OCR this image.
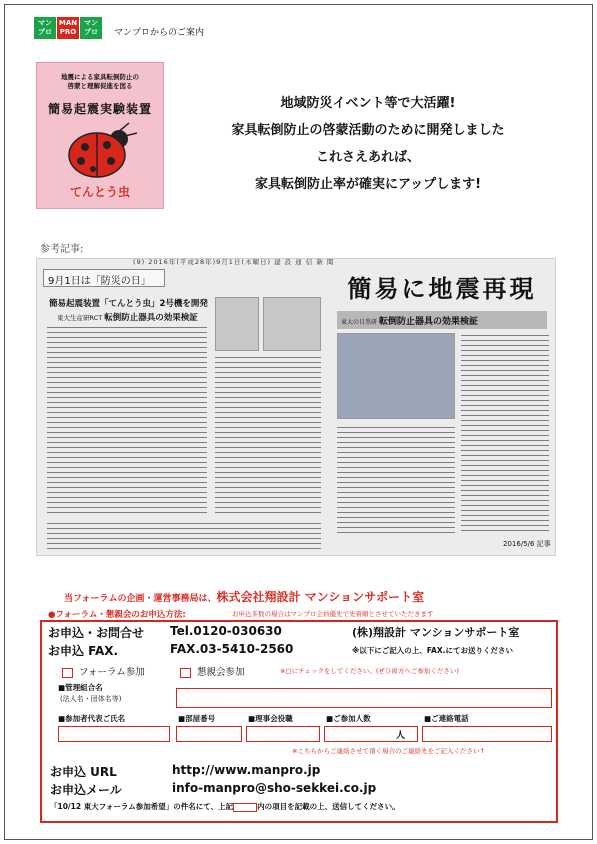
マン
プロ
MAN
PRO
マン
プロ マンプロからのご案内
地震による家具転倒防止の
啓蒙と理解促進を図る
簡易起震実験装置
てんとう虫
地域防災イベント等で大活躍!
家具転倒防止の啓蒙活動のために開発しました
これさえあれば、
家具転倒防止率が確実にアップします!
参考記事:
(9) 2016年(平成28年)9月1日(木曜日) 建 設 通 信 新 聞
9月1日は「防災の日」
簡易起震装置「てんとう虫」2号機を開発
東大生産研RCT 転倒防止器具の効果検証
簡易に地震再現
東大の目黒研 転倒防止器具の効果検証
2016/5/6 記事
当フォーラムの企画・運営事務局は、株式会社翔設計 マンションサポート室
●フォーラム・懇親会のお申込方法:	お申込多数の場合はマンプロ会員優先で先着順とさせていただきます
お申込・お問合せ Tel.0120-030630	(株)翔設計 マンションサポート室
お申込 FAX.	FAX.03-5410-2560	※以下にご記入の上、FAX.にてお送りください
フォーラム参加	懇親会参加	※□にチェックをしてください。(ぜひ両方へご参加ください)
■管理組合名
(法人名・団体名等)
■参加者代表ご氏名	■部屋番号	■理事会役職	■ご参加人数	■ご連絡電話
人
※こちらからご連絡させて頂く場合のご連絡先をご記入ください↑
お申込 URL	http://www.manpro.jp
お申込メール	info-manpro@sho-sekkei.co.jp
「10/12 東大フォーラム参加希望」の件名にて、上記	内の項目を記載の上、送信してください。
